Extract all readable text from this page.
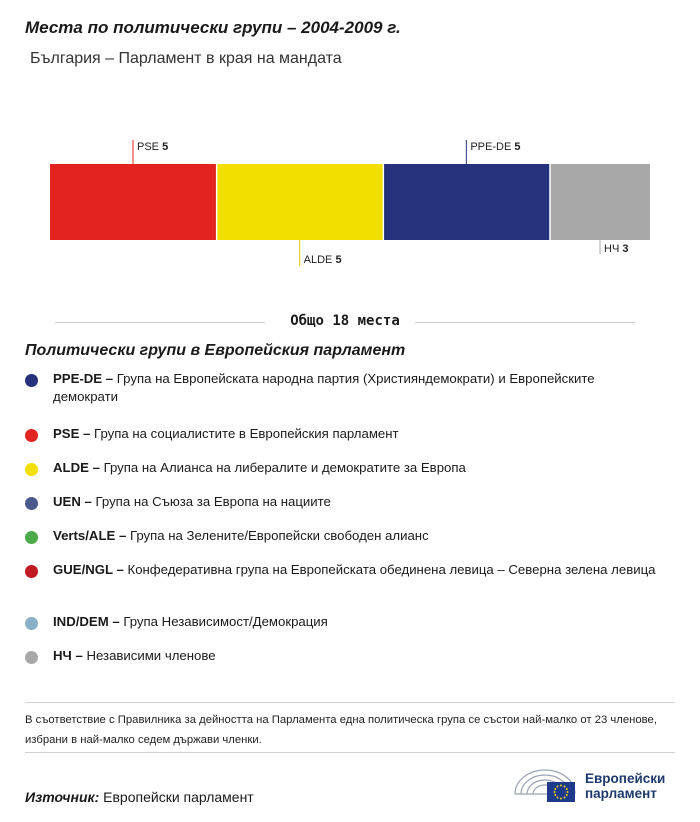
Места по политически групи – 2004-2009 г.
България – Парламент в края на мандата
PSE 5
ALDE 5
PPE-DE 5
НЧ 3
Общо 18 места
Политически групи в Европейския парламент
PPE-DE – Група на Европейската народна партия (Християндемократи) и Европейските демократи
PSE – Група на социалистите в Европейския парламент
ALDE – Група на Алианса на либералите и демократите за Европа
UEN – Група на Съюза за Европа на нациите
Verts/ALE – Група на Зелените/Европейски свободен алианс
GUE/NGL – Конфедеративна група на Европейската обединена левица – Северна зелена левица
IND/DEM – Група Независимост/Демокрация
НЧ – Независими членове
В съответствие с Правилника за дейността на Парламента една политическа група се състои най-малко от 23 членове, избрани в най-малко седем държави членки.
Източник: Европейски парламент
Европейски
парламент
